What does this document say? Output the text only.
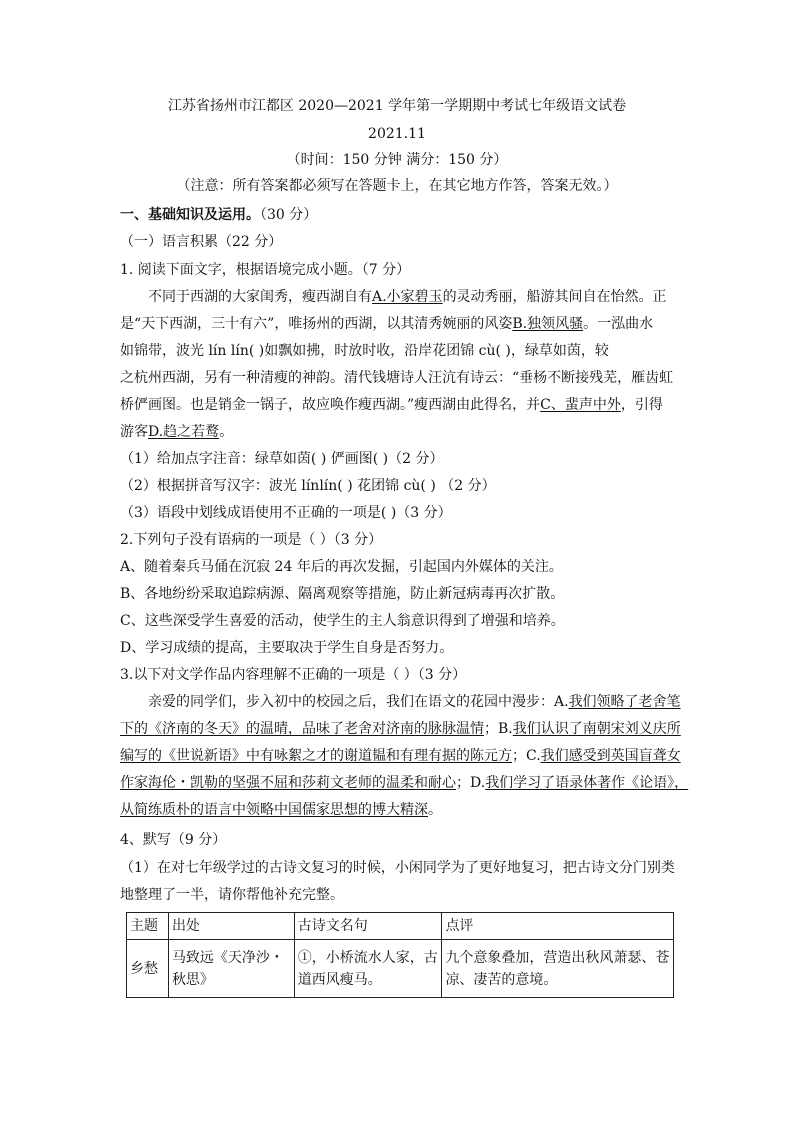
江苏省扬州市江都区 2020—2021 学年第一学期期中考试七年级语文试卷
2021.11
（时间：150 分钟 满分：150 分）
（注意：所有答案都必须写在答题卡上，在其它地方作答，答案无效。）
一、基础知识及运用。（30 分）
（一）语言积累（22 分）
1. 阅读下面文字，根据语境完成小题。（7 分）
不同于西湖的大家闺秀，瘦西湖自有A.小家碧玉的灵动秀丽，船游其间自在怡然。正
是“天下西湖，三十有六”，唯扬州的西湖，以其清秀婉丽的风姿B.独领风骚。一泓曲水
如锦带，波光 lín lín( )如飘如拂，时放时收，沿岸花团锦 cù( )，绿草如茵，较
之杭州西湖，另有一种清瘦的神韵。清代钱塘诗人汪沆有诗云：“垂杨不断接残芜，雁齿虹
桥俨画图。也是销金一锅子，故应唤作瘦西湖。”瘦西湖由此得名，并C、蜚声中外，引得
游客D.趋之若鹜。
（1）给加点字注音：绿草如茵( ) 俨画图( )（2 分）
（2）根据拼音写汉字：波光 línlín( ) 花团锦 cù( ) （2 分）
（3）语段中划线成语使用不正确的一项是( )（3 分）
2.下列句子没有语病的一项是（ ）（3 分）
A、随着秦兵马俑在沉寂 24 年后的再次发掘，引起国内外媒体的关注。
B、各地纷纷采取追踪病源、隔离观察等措施，防止新冠病毒再次扩散。
C、这些深受学生喜爱的活动，使学生的主人翁意识得到了增强和培养。
D、学习成绩的提高，主要取决于学生自身是否努力。
3.以下对文学作品内容理解不正确的一项是（ ）（3 分）
亲爱的同学们，步入初中的校园之后，我们在语文的花园中漫步：A.我们领略了老舍笔
下的《济南的冬天》的温晴，品味了老舍对济南的脉脉温情；B.我们认识了南朝宋刘义庆所
编写的《世说新语》中有咏絮之才的谢道韫和有理有据的陈元方；C.我们感受到英国盲聋女
作家海伦・凯勒的坚强不屈和莎莉文老师的温柔和耐心；D.我们学习了语录体著作《论语》，
从简练质朴的语言中领略中国儒家思想的博大精深。
4、默写（9 分）
（1）在对七年级学过的古诗文复习的时候，小闲同学为了更好地复习，把古诗文分门别类
地整理了一半，请你帮他补充完整。
主题	出处	古诗文名句	点评
乡愁	马致远《天净沙・秋思》	①，小桥流水人家，古道西风瘦马。	九个意象叠加，营造出秋风萧瑟、苍凉、凄苦的意境。
